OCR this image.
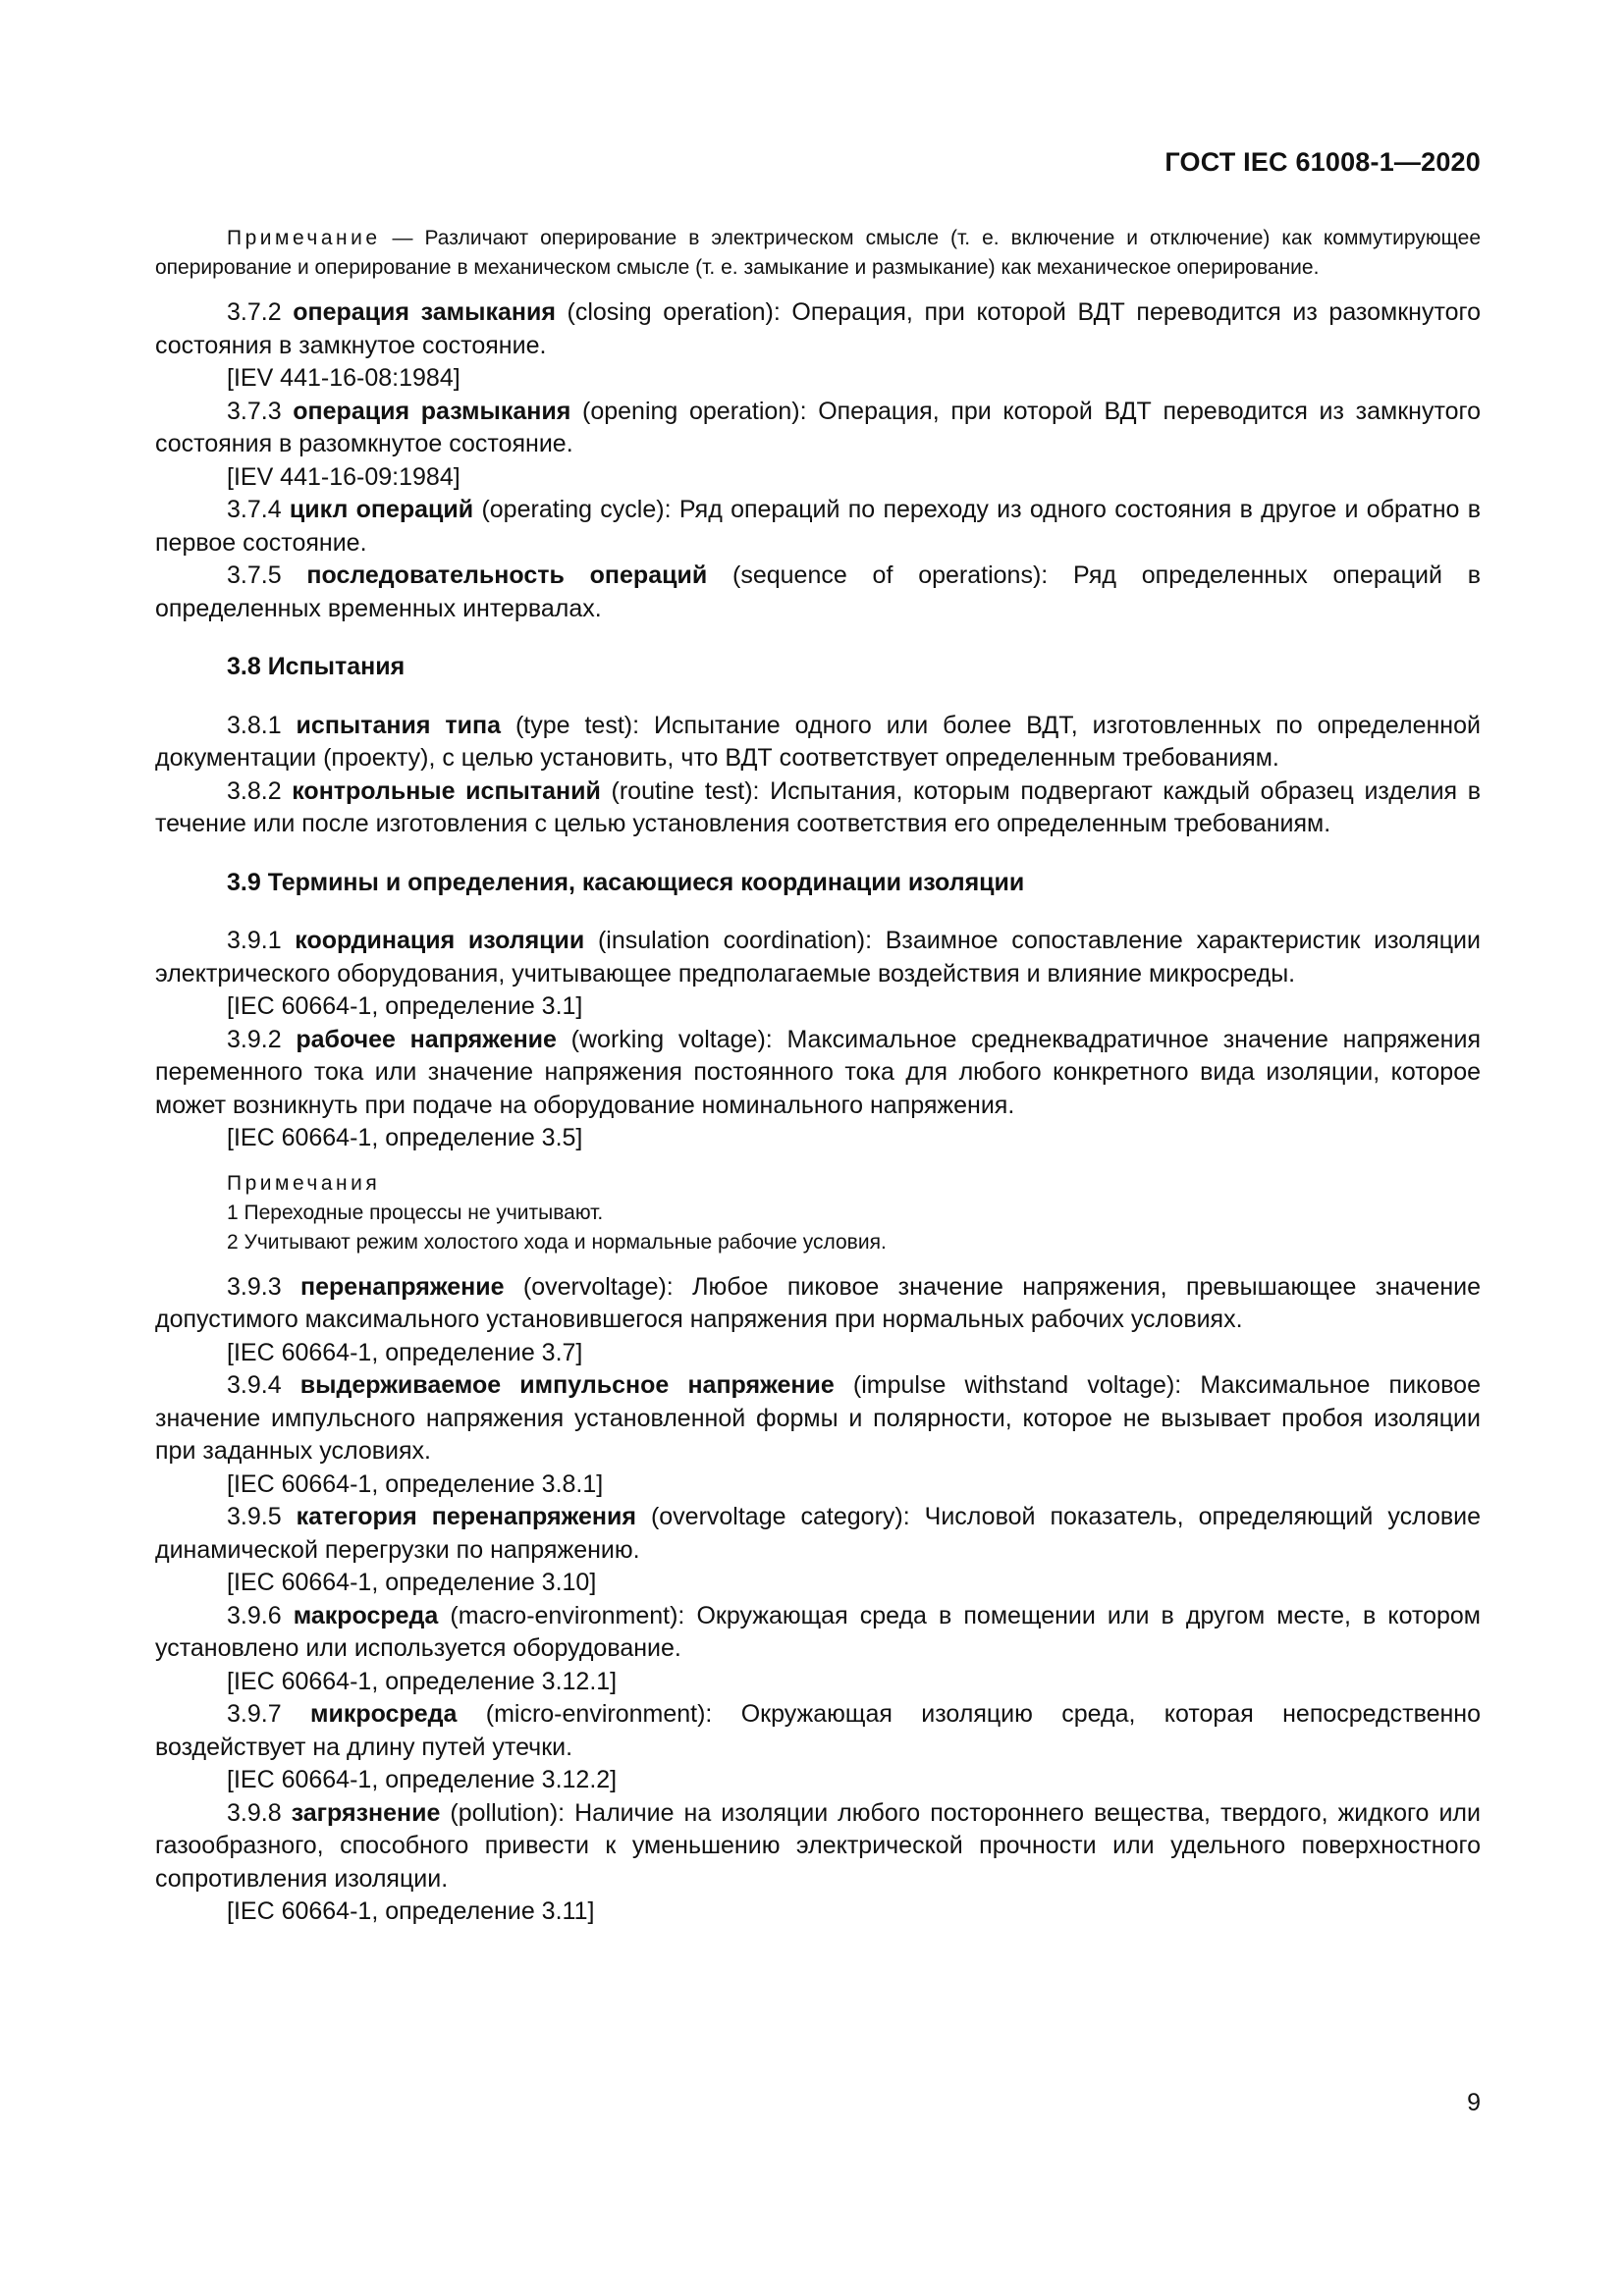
ГОСТ IEC 61008-1—2020

Примечание — Различают оперирование в электрическом смысле (т. е. включение и отключение) как коммутирующее оперирование и оперирование в механическом смысле (т. е. замыкание и размыкание) как механическое оперирование.

3.7.2 операция замыкания (closing operation): Операция, при которой ВДТ переводится из разомкнутого состояния в замкнутое состояние.

[IEV 441-16-08:1984]

3.7.3 операция размыкания (opening operation): Операция, при которой ВДТ переводится из замкнутого состояния в разомкнутое состояние.

[IEV 441-16-09:1984]

3.7.4 цикл операций (operating cycle): Ряд операций по переходу из одного состояния в другое и обратно в первое состояние.

3.7.5 последовательность операций (sequence of operations): Ряд определенных операций в определенных временных интервалах.

3.8 Испытания

3.8.1 испытания типа (type test): Испытание одного или более ВДТ, изготовленных по определенной документации (проекту), с целью установить, что ВДТ соответствует определенным требованиям.

3.8.2 контрольные испытаний (routine test): Испытания, которым подвергают каждый образец изделия в течение или после изготовления с целью установления соответствия его определенным требованиям.

3.9 Термины и определения, касающиеся координации изоляции

3.9.1 координация изоляции (insulation coordination): Взаимное сопоставление характеристик изоляции электрического оборудования, учитывающее предполагаемые воздействия и влияние микросреды.

[IEC 60664-1, определение 3.1]

3.9.2 рабочее напряжение (working voltage): Максимальное среднеквадратичное значение напряжения переменного тока или значение напряжения постоянного тока для любого конкретного вида изоляции, которое может возникнуть при подаче на оборудование номинального напряжения.

[IEC 60664-1, определение 3.5]

Примечания

1 Переходные процессы не учитывают.

2 Учитывают режим холостого хода и нормальные рабочие условия.

3.9.3 перенапряжение (overvoltage): Любое пиковое значение напряжения, превышающее значение допустимого максимального установившегося напряжения при нормальных рабочих условиях.

[IEC 60664-1, определение 3.7]

3.9.4 выдерживаемое импульсное напряжение (impulse withstand voltage): Максимальное пиковое значение импульсного напряжения установленной формы и полярности, которое не вызывает пробоя изоляции при заданных условиях.

[IEC 60664-1, определение 3.8.1]

3.9.5 категория перенапряжения (overvoltage category): Числовой показатель, определяющий условие динамической перегрузки по напряжению.

[IEC 60664-1, определение 3.10]

3.9.6 макросреда (macro-environment): Окружающая среда в помещении или в другом месте, в котором установлено или используется оборудование.

[IEC 60664-1, определение 3.12.1]

3.9.7 микросреда (micro-environment): Окружающая изоляцию среда, которая непосредственно воздействует на длину путей утечки.

[IEC 60664-1, определение 3.12.2]

3.9.8 загрязнение (pollution): Наличие на изоляции любого постороннего вещества, твердого, жидкого или газообразного, способного привести к уменьшению электрической прочности или удельного поверхностного сопротивления изоляции.

[IEC 60664-1, определение 3.11]

9
